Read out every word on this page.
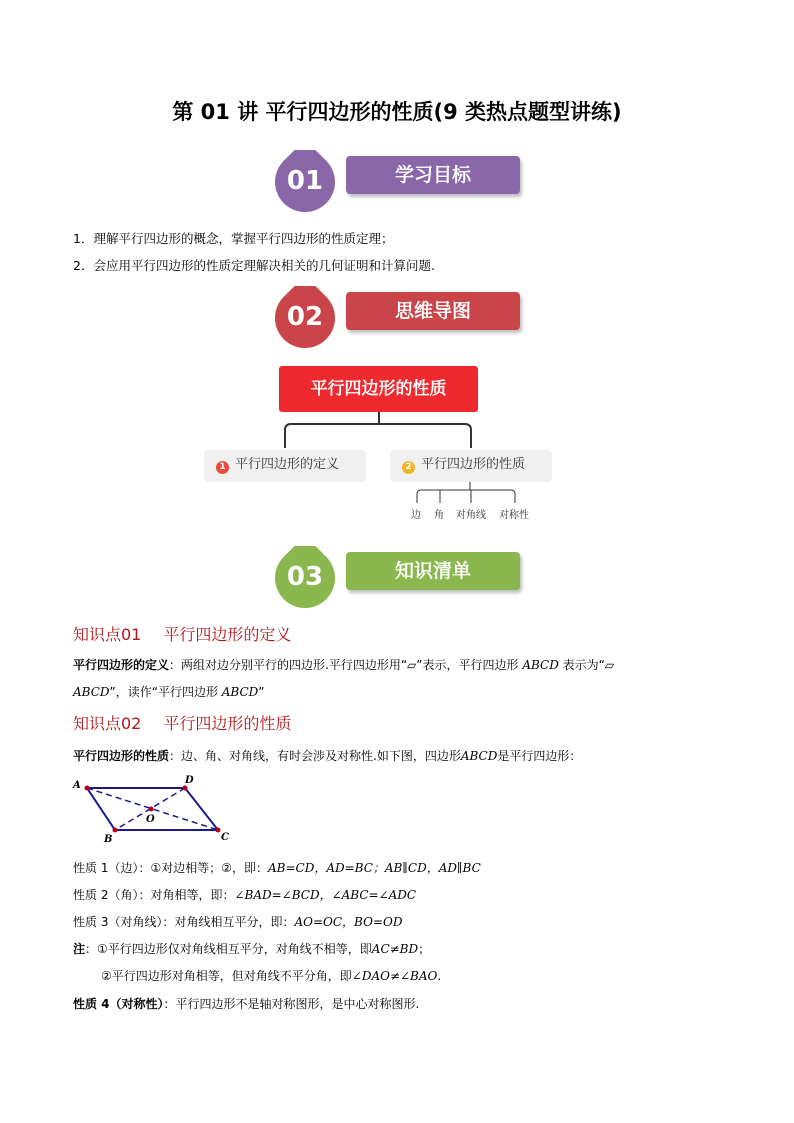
第 01 讲 平行四边形的性质(9 类热点题型讲练)
01	学习目标
1．理解平行四边形的概念，掌握平行四边形的性质定理；
2．会应用平行四边形的性质定理解决相关的几何证明和计算问题.
02	思维导图
平行四边形的性质
1 平行四边形的定义	2 平行四边形的性质
边 角 对角线 对称性
03	知识清单
知识点01 平行四边形的定义
平行四边形的定义：两组对边分别平行的四边形.平行四边形用“▱”表示，平行四边形 ABCD 表示为“▱
ABCD”，读作“平行四边形 ABCD”
知识点02 平行四边形的性质
平行四边形的性质：边、角、对角线，有时会涉及对称性.如下图，四边形ABCD是平行四边形：
A	D
C
B
O
性质 1（边）：①对边相等；②，即：AB=CD，AD=BC；AB∥CD，AD∥BC
性质 2（角）：对角相等，即：∠BAD=∠BCD，∠ABC=∠ADC
性质 3（对角线）：对角线相互平分，即：AO=OC，BO=OD
注：①平行四边形仅对角线相互平分，对角线不相等，即AC≠BD；
②平行四边形对角相等，但对角线不平分角，即∠DAO≠∠BAO.
性质 4（对称性）：平行四边形不是轴对称图形，是中心对称图形.
